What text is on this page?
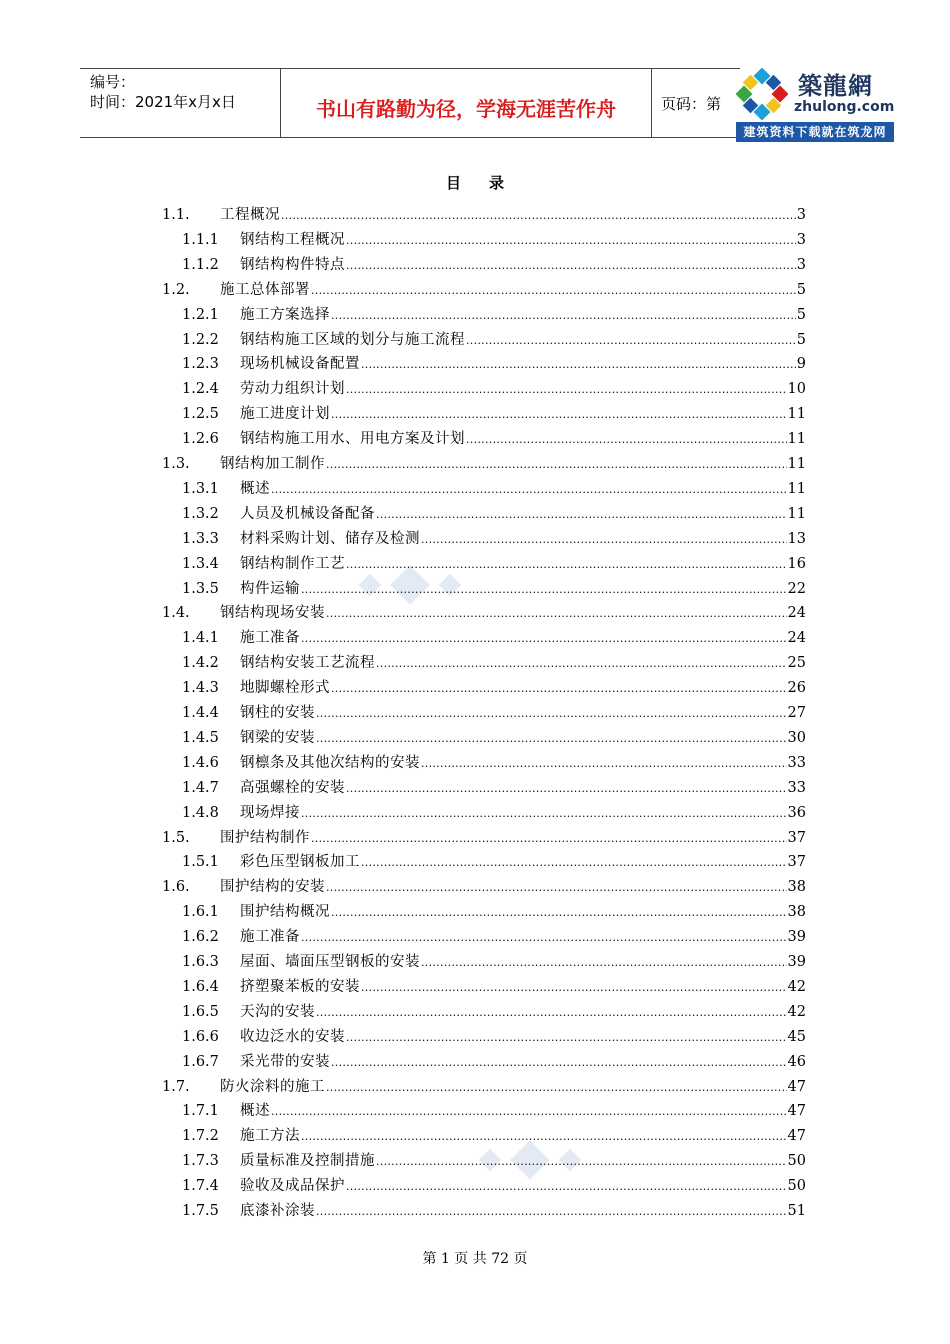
编号：
时间：2021年x月x日	书山有路勤为径，学海无涯苦作舟	页码：第
築龍網
zhulong.com
建筑资料下载就在筑龙网
目 录
1.1.	工程概况 .....	3
1.1.1	钢结构工程概况 .....	3
1.1.2	钢结构构件特点 .....	3
1.2.	施工总体部署 .....	5
1.2.1	施工方案选择 .....	5
1.2.2	钢结构施工区域的划分与施工流程 .....	5
1.2.3	现场机械设备配置 .....	9
1.2.4	劳动力组织计划 .....	10
1.2.5	施工进度计划 .....	11
1.2.6	钢结构施工用水、用电方案及计划 .....	11
1.3.	钢结构加工制作 .....	11
1.3.1	概述 .....	11
1.3.2	人员及机械设备配备 .....	11
1.3.3	材料采购计划、储存及检测 .....	13
1.3.4	钢结构制作工艺 .....	16
1.3.5	构件运输 .....	22
1.4.	钢结构现场安装 .....	24
1.4.1	施工准备 .....	24
1.4.2	钢结构安装工艺流程 .....	25
1.4.3	地脚螺栓形式 .....	26
1.4.4	钢柱的安装 .....	27
1.4.5	钢梁的安装 .....	30
1.4.6	钢檩条及其他次结构的安装 .....	33
1.4.7	高强螺栓的安装 .....	33
1.4.8	现场焊接 .....	36
1.5.	围护结构制作 .....	37
1.5.1	彩色压型钢板加工 .....	37
1.6.	围护结构的安装 .....	38
1.6.1	围护结构概况 .....	38
1.6.2	施工准备 .....	39
1.6.3	屋面、墙面压型钢板的安装 .....	39
1.6.4	挤塑聚苯板的安装 .....	42
1.6.5	天沟的安装 .....	42
1.6.6	收边泛水的安装 .....	45
1.6.7	采光带的安装 .....	46
1.7.	防火涂料的施工 .....	47
1.7.1	概述 .....	47
1.7.2	施工方法 .....	47
1.7.3	质量标准及控制措施 .....	50
1.7.4	验收及成品保护 .....	50
1.7.5	底漆补涂装 .....	51
第 1 页 共 72 页
